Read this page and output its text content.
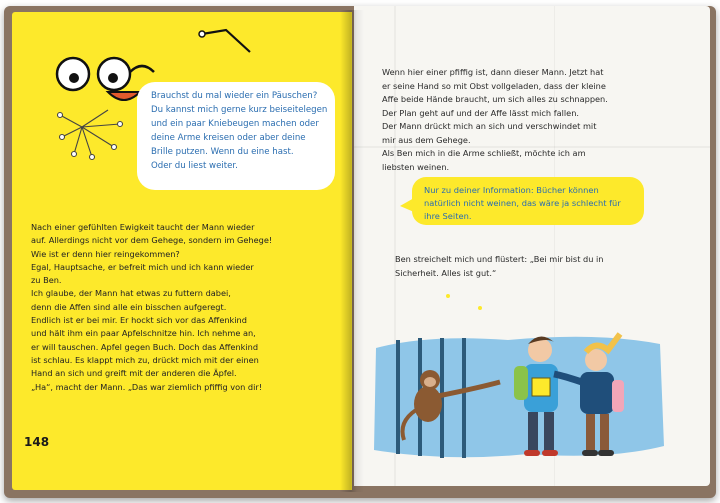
Brauchst du mal wieder ein Päuschen? Du kannst mich gerne kurz beiseitelegen und ein paar Kniebeugen machen oder deine Arme kreisen oder aber deine Brille putzen. Wenn du eine hast.
Oder du liest weiter.
Nach einer gefühlten Ewigkeit taucht der Mann wieder
auf. Allerdings nicht vor dem Gehege, sondern im Gehege!
Wie ist er denn hier reingekommen?
Egal, Hauptsache, er befreit mich und ich kann wieder
zu Ben.
Ich glaube, der Mann hat etwas zu futtern dabei,
denn die Affen sind alle ein bisschen aufgeregt.
Endlich ist er bei mir. Er hockt sich vor das Affenkind
und hält ihm ein paar Apfelschnitze hin. Ich nehme an,
er will tauschen. Apfel gegen Buch. Doch das Affenkind
ist schlau. Es klappt mich zu, drückt mich mit der einen
Hand an sich und greift mit der anderen die Äpfel.
„Ha“, macht der Mann. „Das war ziemlich pfiffig von dir!
148
Wenn hier einer pfiffig ist, dann dieser Mann. Jetzt hat
er seine Hand so mit Obst vollgeladen, dass der kleine
Affe beide Hände braucht, um sich alles zu schnappen.
Der Plan geht auf und der Affe lässt mich fallen.
Der Mann drückt mich an sich und verschwindet mit
mir aus dem Gehege.
Als Ben mich in die Arme schließt, möchte ich am
liebsten weinen.
Nur zu deiner Information: Bücher können natürlich nicht weinen, das wäre ja schlecht für ihre Seiten.
Ben streichelt mich und flüstert: „Bei mir bist du in
Sicherheit. Alles ist gut.“
